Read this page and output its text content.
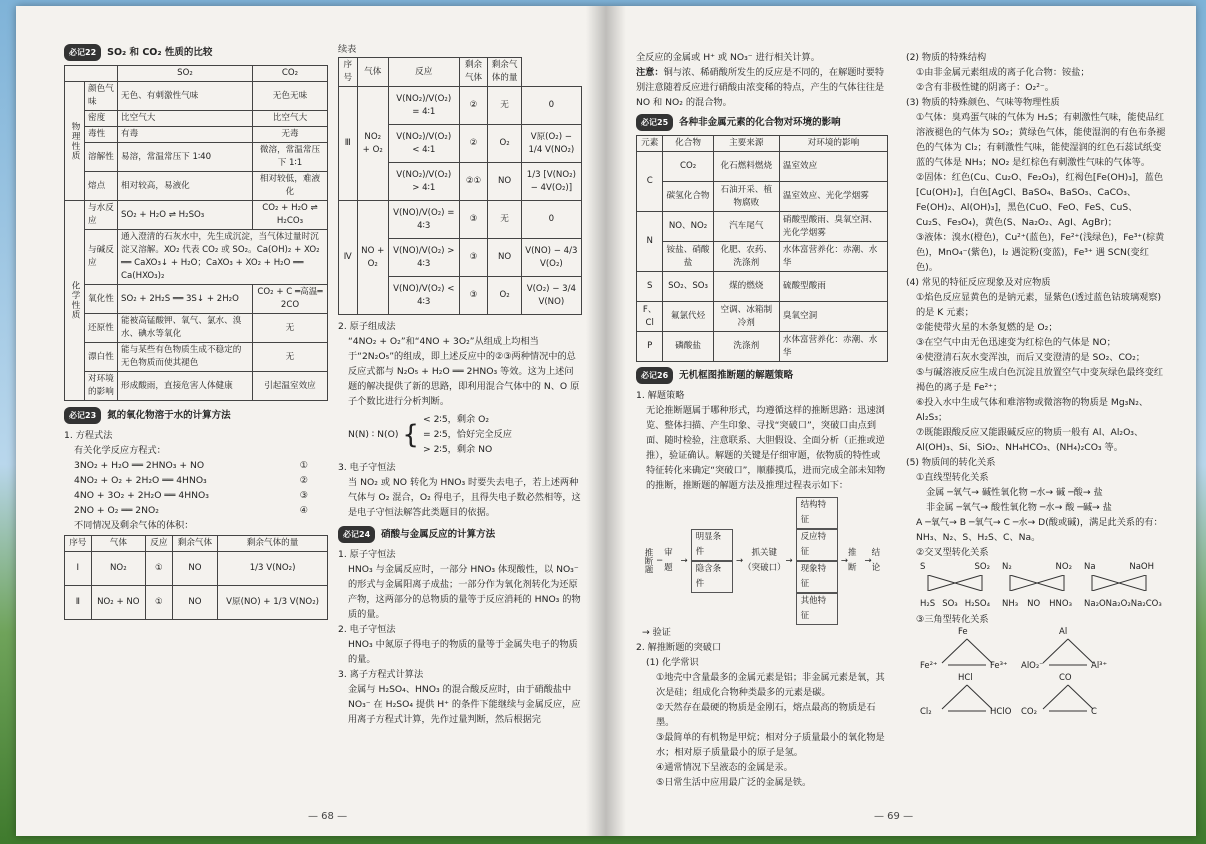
必记22	SO₂ 和 CO₂ 性质的比较
		SO₂	CO₂
物理性质	颜色气味	无色、有刺激性气味	无色无味
	密度	比空气大	比空气大
	毒性	有毒	无毒
	溶解性	易溶，常温常压下 1∶40	微溶，常温常压下 1∶1
	熔点	相对较高，易液化	相对较低，难液化
化学性质	与水反应	SO₂ + H₂O ⇌ H₂SO₃	CO₂ + H₂O ⇌ H₂CO₃
	与碱反应	通入澄清的石灰水中，先生成沉淀，当气体过量时沉淀又溶解。XO₂ 代表 CO₂ 或 SO₂。Ca(OH)₂ + XO₂ ══ CaXO₃↓ + H₂O；CaXO₃ + XO₂ + H₂O ══ Ca(HXO₃)₂	
	氧化性	SO₂ + 2H₂S ══ 3S↓ + 2H₂O	CO₂ + C ═高温═ 2CO
	还原性	能被高锰酸钾、氧气、氯水、溴水、碘水等氧化	无
	漂白性	能与某些有色物质生成不稳定的无色物质而使其褪色	无
	对环境的影响	形成酸雨，直接危害人体健康	引起温室效应
必记23	氮的氧化物溶于水的计算方法

1. 方程式法

有关化学反应方程式：

3NO₂ + H₂O ══ 2HNO₃ + NO	①
4NO₂ + O₂ + 2H₂O ══ 4HNO₃	②
4NO + 3O₂ + 2H₂O ══ 4HNO₃	③
2NO + O₂ ══ 2NO₂	④

不同情况及剩余气体的体积：

序号	气体	反应	剩余气体	剩余气体的量
Ⅰ	NO₂	①	NO	1/3 V(NO₂)
Ⅱ	NO₂ + NO	①	NO	V原(NO) + 1/3 V(NO₂)

续表

序号	气体	反应	剩余气体	剩余气体的量	
Ⅲ	NO₂ + O₂	V(NO₂)/V(O₂) = 4∶1	②	无	0
		V(NO₂)/V(O₂) < 4∶1	②	O₂	V原(O₂) − 1/4 V(NO₂)
		V(NO₂)/V(O₂) > 4∶1	②①	NO	1/3 [V(NO₂) − 4V(O₂)]
Ⅳ	NO + O₂	V(NO)/V(O₂) = 4∶3	③	无	0
		V(NO)/V(O₂) > 4∶3	③	NO	V(NO) − 4/3 V(O₂)
		V(NO)/V(O₂) < 4∶3	③	O₂	V(O₂) − 3/4 V(NO)

2. 原子组成法

“4NO₂ + O₂”和“4NO + 3O₂”从组成上均相当于“2N₂O₅”的组成，即上述反应中的②③两种情况中的总反应式都与 N₂O₅ + H₂O ══ 2HNO₃ 等效。这为上述问题的解决提供了新的思路，即利用混合气体中的 N、O 原子个数比进行分析判断。

N(N) ∶ N(O) { < 2∶5，剩余 O₂
= 2∶5，恰好完全反应
> 2∶5，剩余 NO

3. 电子守恒法

当 NO₂ 或 NO 转化为 HNO₃ 时要失去电子，若上述两种气体与 O₂ 混合，O₂ 得电子，且得失电子数必然相等，这是电子守恒法解答此类题目的依据。

必记24	硝酸与金属反应的计算方法

1. 原子守恒法

HNO₃ 与金属反应时，一部分 HNO₃ 体现酸性，以 NO₃⁻ 的形式与金属阳离子成盐；一部分作为氧化剂转化为还原产物，这两部分的总物质的量等于反应消耗的 HNO₃ 的物质的量。

2. 电子守恒法

HNO₃ 中氮原子得电子的物质的量等于金属失电子的物质的量。

3. 离子方程式计算法

金属与 H₂SO₄、HNO₃ 的混合酸反应时，由于硝酸盐中 NO₃⁻ 在 H₂SO₄ 提供 H⁺ 的条件下能继续与金属反应，应用离子方程式计算，先作过量判断，然后根据完

— 68 —

全反应的金属或 H⁺ 或 NO₃⁻ 进行相关计算。

注意：铜与浓、稀硝酸所发生的反应是不同的，在解题时要特别注意随着反应进行硝酸由浓变稀的特点，产生的气体往往是 NO 和 NO₂ 的混合物。

必记25	各种非金属元素的化合物对环境的影响
元素	化合物	主要来源	对环境的影响
C	CO₂	化石燃料燃烧	温室效应
	碳氢化合物	石油开采、植物腐败	温室效应、光化学烟雾
N	NO、NO₂	汽车尾气	硝酸型酸雨、臭氧空洞、光化学烟雾
	铵盐、硝酸盐	化肥、农药、洗涤剂	水体富营养化：赤潮、水华
S	SO₂、SO₃	煤的燃烧	硫酸型酸雨
F、Cl	氟氯代烃	空调、冰箱制冷剂	臭氧空洞
P	磷酸盐	洗涤剂	水体富营养化：赤潮、水华
必记26	无机框图推断题的解题策略

1. 解题策略

无论推断题属于哪种形式，均遵循这样的推断思路：迅速浏览、整体扫描、产生印象、寻找“突破口”，突破口由点到面、随时检验，注意联系、大胆假设、全面分析（正推或逆推），验证确认。解题的关键是仔细审题，依物质的特性或特征转化来确定“突破口”，顺藤摸瓜，进而完成全部未知物的推断，推断题的解题方法及推理过程表示如下：

推断题 ─
审题
→
明显条件
隐含条件
→
抓关键（突破口）
→
结构特征
反应特征
现象特征
其他特征
→
推断
→
结论

→ 验证

2. 解推断题的突破口

(1) 化学常识

①地壳中含量最多的金属元素是铝；非金属元素是氧，其次是硅；组成化合物种类最多的元素是碳。

②天然存在最硬的物质是金刚石，熔点最高的物质是石墨。

③最简单的有机物是甲烷；相对分子质量最小的氧化物是水；相对原子质量最小的原子是氢。

④通常情况下呈液态的金属是汞。

⑤日常生活中应用最广泛的金属是铁。

(2) 物质的特殊结构

①由非金属元素组成的离子化合物：铵盐；

②含有非极性键的阴离子：O₂²⁻。

(3) 物质的特殊颜色、气味等物理性质

①气体：臭鸡蛋气味的气体为 H₂S；有刺激性气味，能使品红溶液褪色的气体为 SO₂；黄绿色气体，能使湿润的有色布条褪色的气体为 Cl₂；有刺激性气味，能使湿润的红色石蕊试纸变蓝的气体是 NH₃；NO₂ 是红棕色有刺激性气味的气体等。

②固体：红色(Cu、Cu₂O、Fe₂O₃)，红褐色[Fe(OH)₃]，蓝色[Cu(OH)₂]，白色[AgCl、BaSO₄、BaSO₃、CaCO₃、Fe(OH)₂、Al(OH)₃]，黑色(CuO、FeO、FeS、CuS、Cu₂S、Fe₃O₄)，黄色(S、Na₂O₂、AgI、AgBr)；

③液体：溴水(橙色)，Cu²⁺(蓝色)，Fe²⁺(浅绿色)，Fe³⁺(棕黄色)，MnO₄⁻(紫色)，I₂ 遇淀粉(变蓝)，Fe³⁺ 遇 SCN(变红色)。

(4) 常见的特征反应现象及对应物质

①焰色反应显黄色的是钠元素，显紫色(透过蓝色钴玻璃观察)的是 K 元素；

②能使带火星的木条复燃的是 O₂；

③在空气中由无色迅速变为红棕色的气体是 NO；

④使澄清石灰水变浑浊，而后又变澄清的是 SO₂、CO₂；

⑤与碱溶液反应生成白色沉淀且放置空气中变灰绿色最终变红褐色的离子是 Fe²⁺；

⑥投入水中生成气体和难溶物或微溶物的物质是 Mg₃N₂、Al₂S₃；

⑦既能跟酸反应又能跟碱反应的物质一般有 Al、Al₂O₃、Al(OH)₃、Si、SiO₂、NH₄HCO₃、(NH₄)₂CO₃ 等。

(5) 物质间的转化关系

①直线型转化关系

金属 ─氧气→ 碱性氧化物 ─水→ 碱 ─酸→ 盐

非金属 ─氧气→ 酸性氧化物 ─水→ 酸 ─碱→ 盐

A ─氧气→ B ─氧气→ C ─水→ D(酸或碱)，满足此关系的有：NH₃、N₂、S、H₂S、C、Na。

②交叉型转化关系

S	SO₂
H₂S SO₃ H₂SO₄
N₂	NO₂
NH₃ NO HNO₃
Na	NaOH
Na₂O Na₂O₂ Na₂CO₃

③三角型转化关系

Fe
Fe²⁺	Fe³⁺
Al
AlO₂⁻	Al³⁺
HCl
Cl₂	HClO
CO
CO₂	C
— 69 —
